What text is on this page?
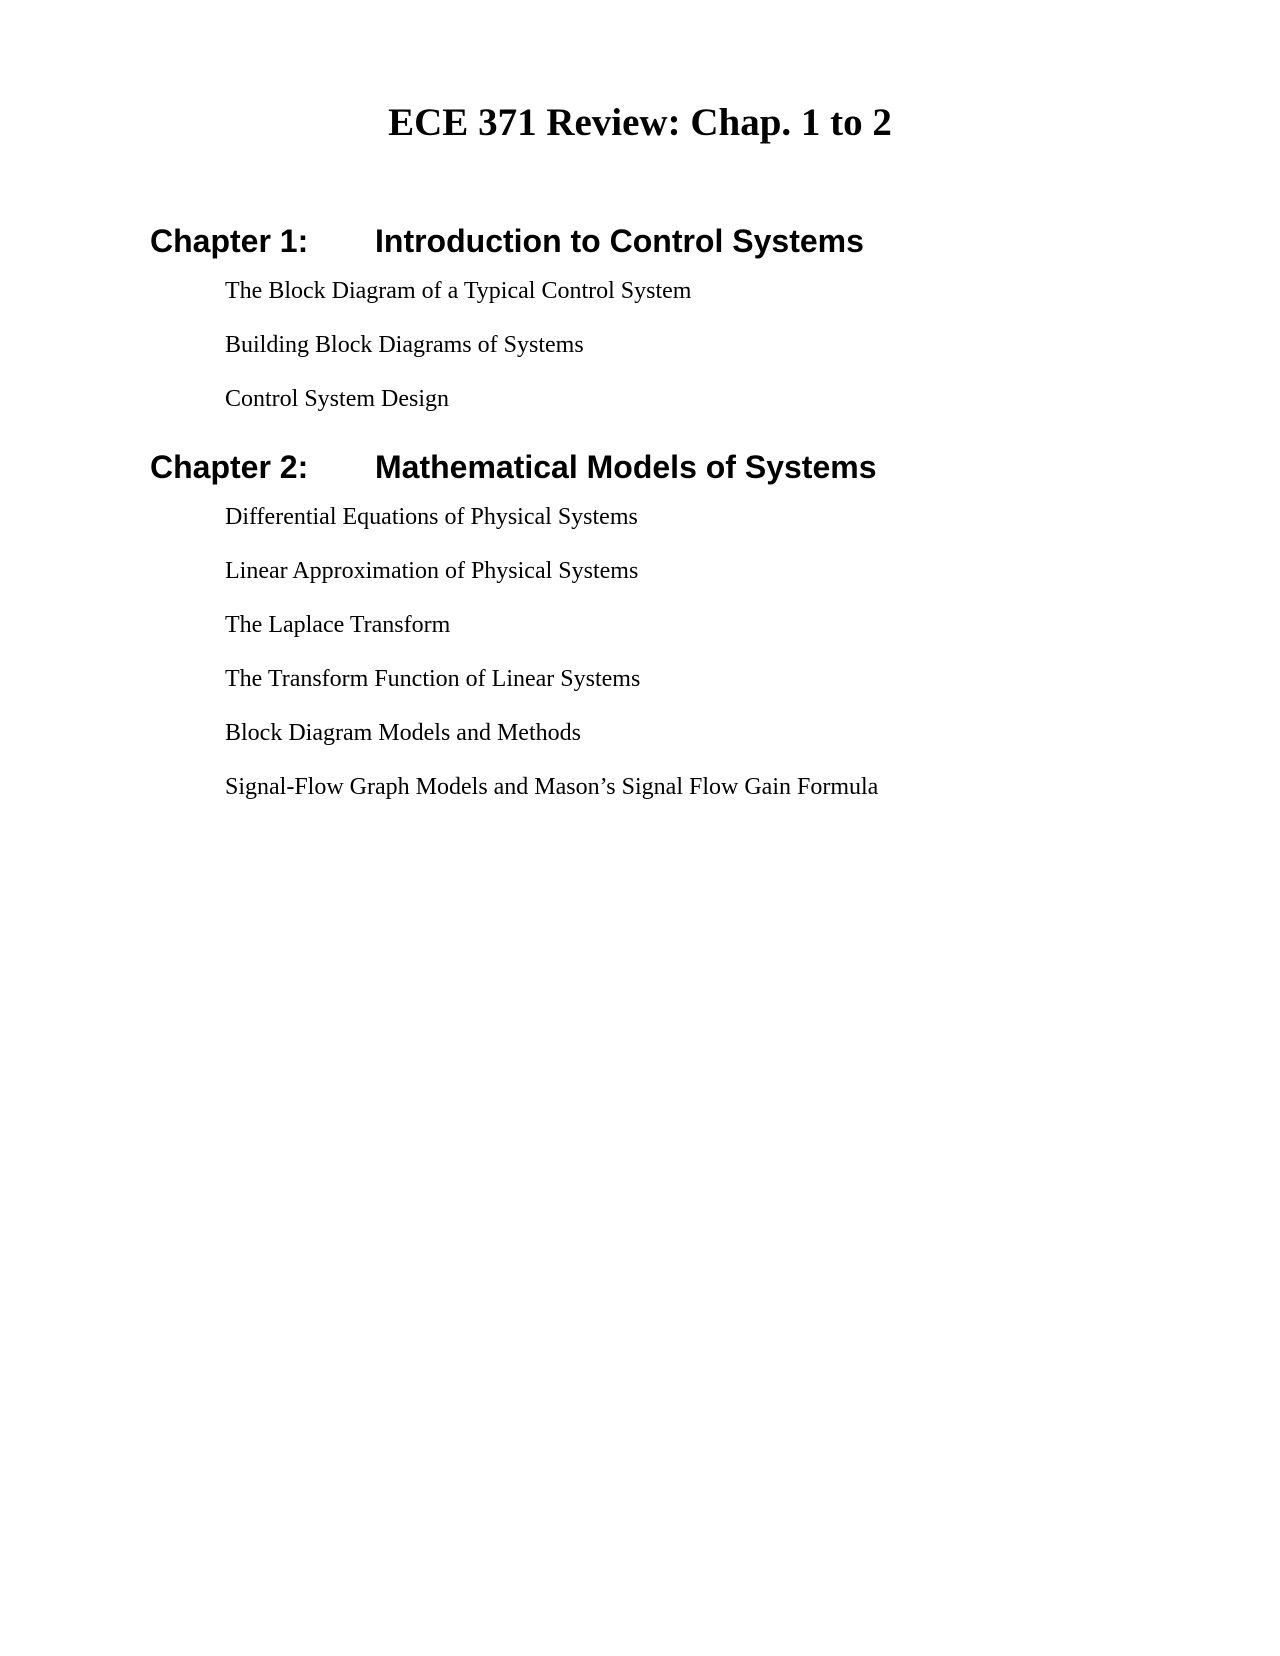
ECE 371 Review: Chap. 1 to 2
Chapter 1: Introduction to Control Systems
The Block Diagram of a Typical Control System
Building Block Diagrams of Systems
Control System Design
Chapter 2: Mathematical Models of Systems
Differential Equations of Physical Systems
Linear Approximation of Physical Systems
The Laplace Transform
The Transform Function of Linear Systems
Block Diagram Models and Methods
Signal-Flow Graph Models and Mason’s Signal Flow Gain Formula
